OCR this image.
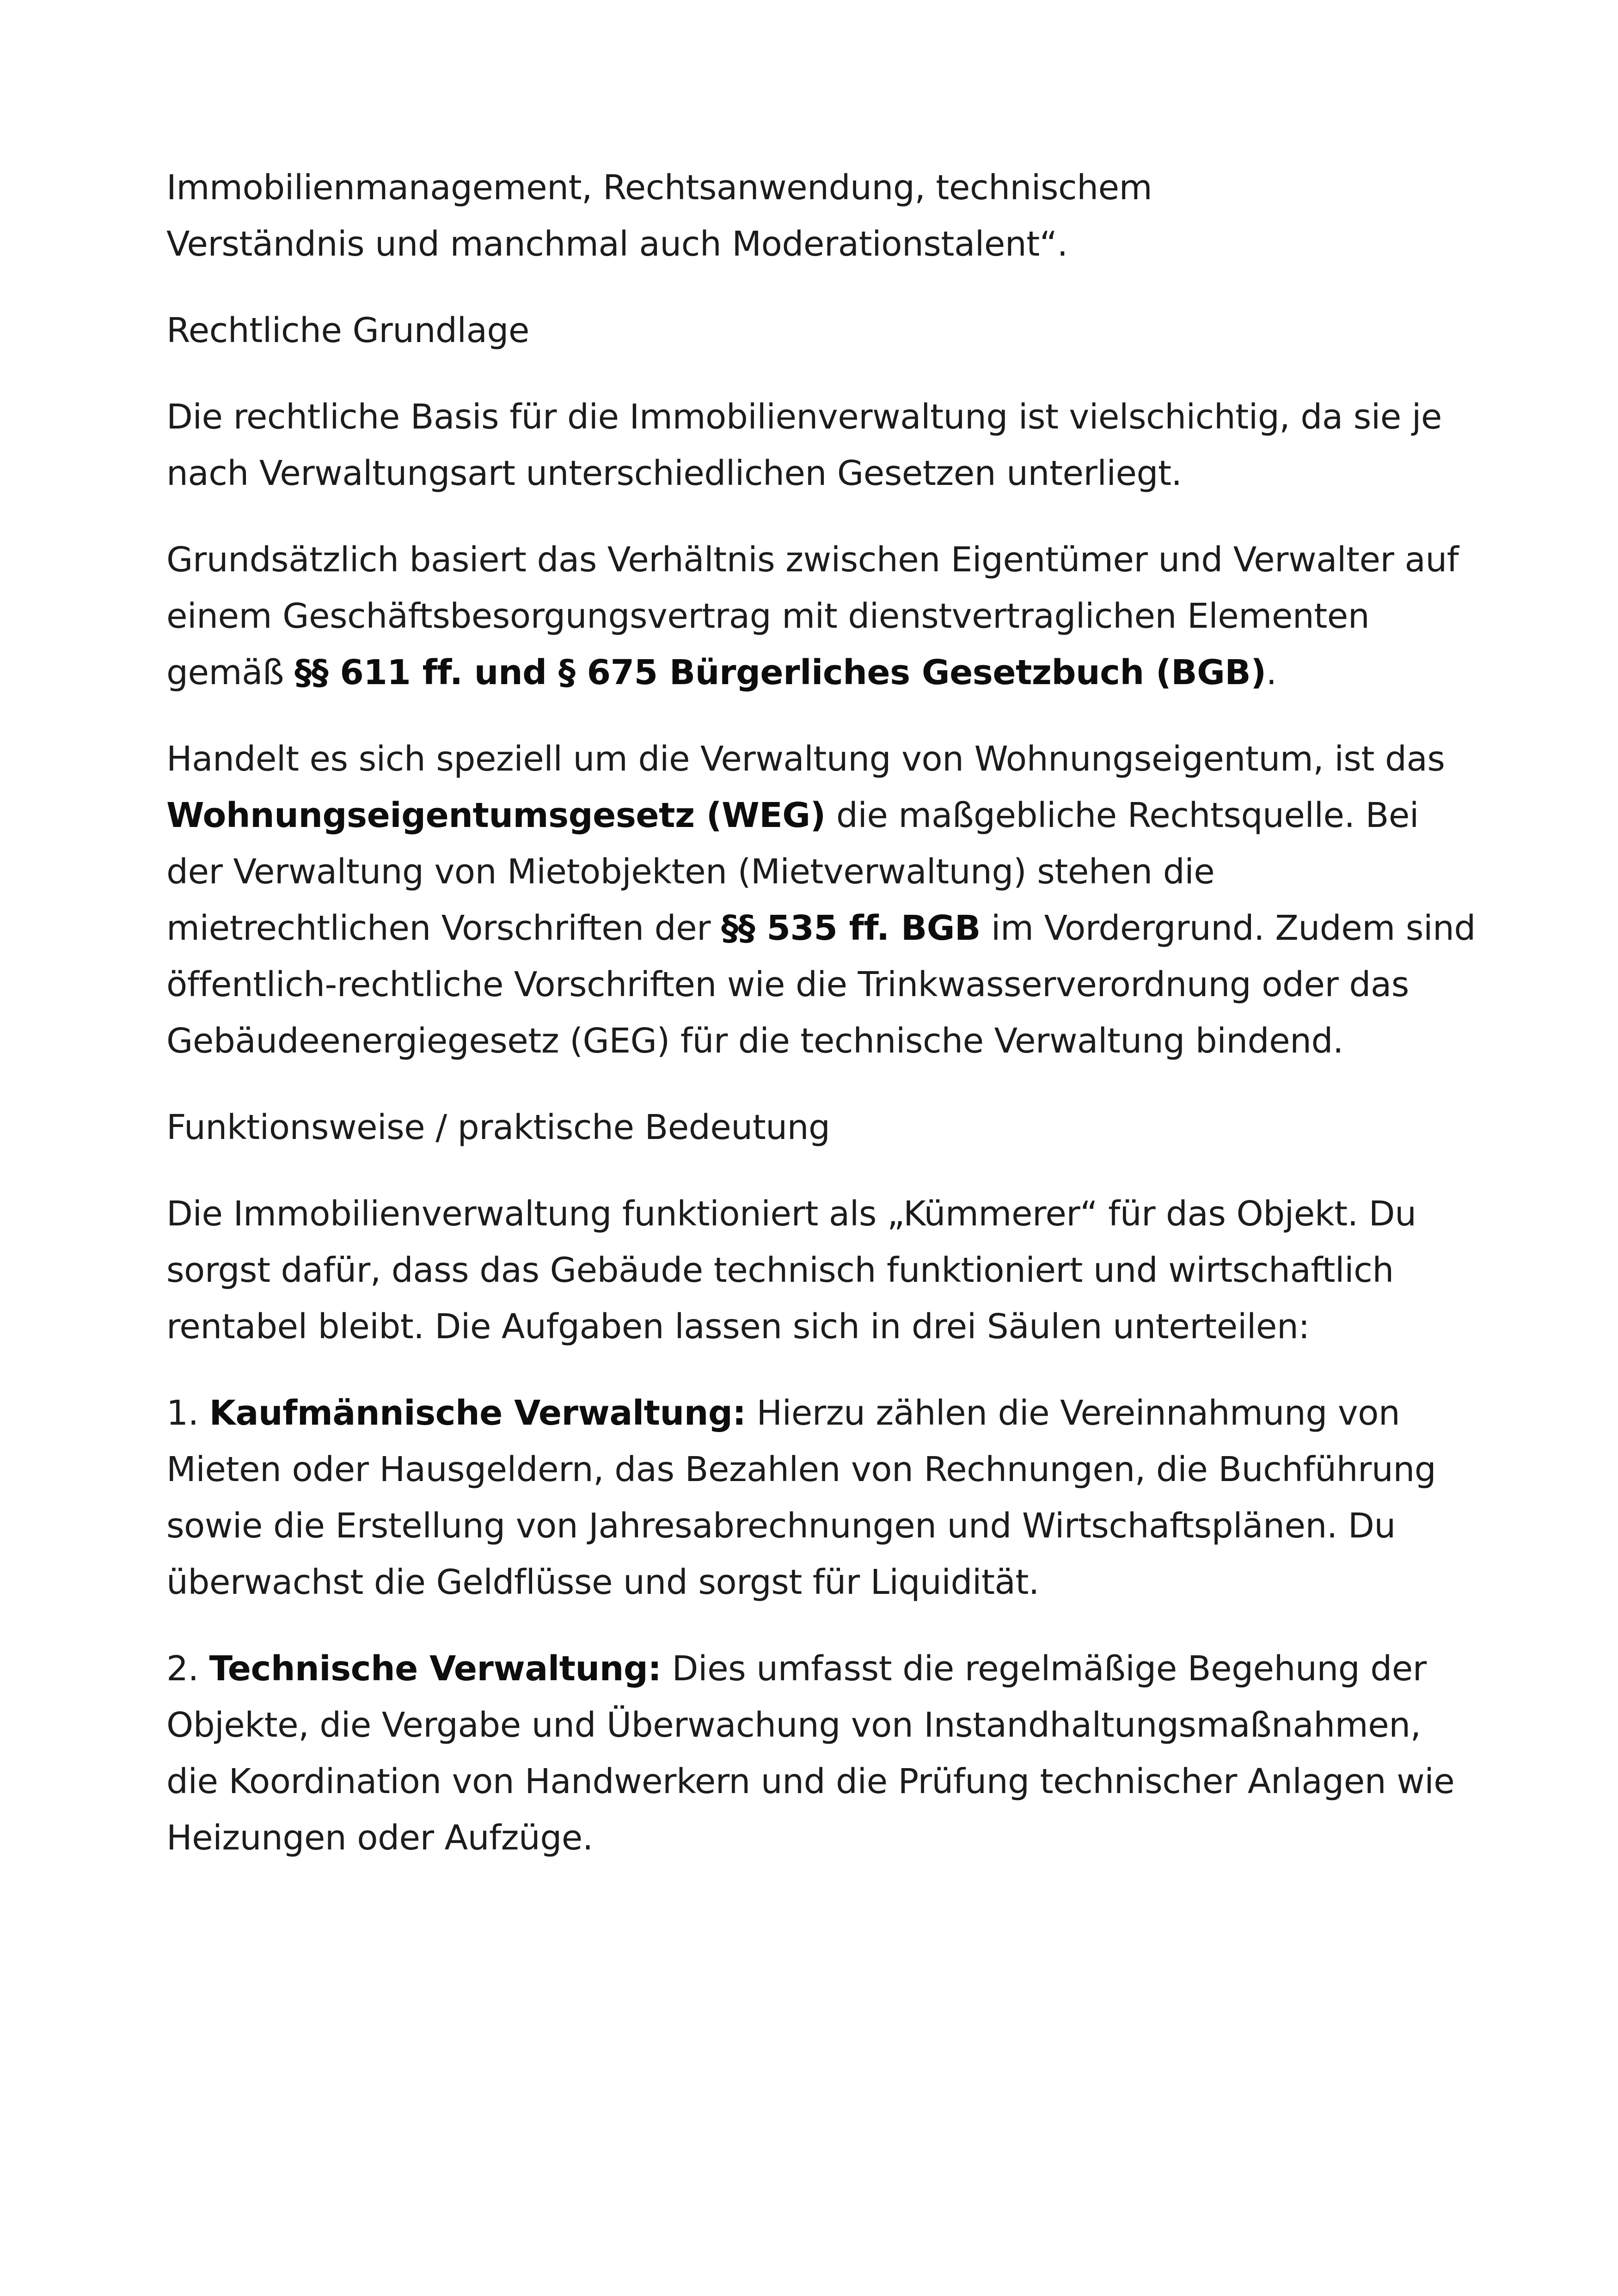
Immobilienmanagement, Rechtsanwendung, technischem
Verständnis und manchmal auch Moderationstalent“.

Rechtliche Grundlage

Die rechtliche Basis für die Immobilienverwaltung ist vielschichtig, da sie je nach Verwaltungsart unterschiedlichen Gesetzen unterliegt.

Grundsätzlich basiert das Verhältnis zwischen Eigentümer und Verwalter auf einem Geschäftsbesorgungsvertrag mit dienstvertraglichen Elementen gemäß §§ 611 ff. und § 675 Bürgerliches Gesetzbuch (BGB).

Handelt es sich speziell um die Verwaltung von Wohnungseigentum, ist das Wohnungseigentumsgesetz (WEG) die maßgebliche Rechtsquelle. Bei der Verwaltung von Mietobjekten (Mietverwaltung) stehen die mietrechtlichen Vorschriften der §§ 535 ff. BGB im Vordergrund. Zudem sind öffentlich-rechtliche Vorschriften wie die Trinkwasserverordnung oder das Gebäudeenergiegesetz (GEG) für die technische Verwaltung bindend.

Funktionsweise / praktische Bedeutung

Die Immobilienverwaltung funktioniert als „Kümmerer“ für das Objekt. Du sorgst dafür, dass das Gebäude technisch funktioniert und wirtschaftlich rentabel bleibt. Die Aufgaben lassen sich in drei Säulen unterteilen:

1. Kaufmännische Verwaltung: Hierzu zählen die Vereinnahmung von Mieten oder Hausgeldern, das Bezahlen von Rechnungen, die Buchführung sowie die Erstellung von Jahresabrechnungen und Wirtschaftsplänen. Du überwachst die Geldflüsse und sorgst für Liquidität.

2. Technische Verwaltung: Dies umfasst die regelmäßige Begehung der Objekte, die Vergabe und Überwachung von Instandhaltungsmaßnahmen, die Koordination von Handwerkern und die Prüfung technischer Anlagen wie Heizungen oder Aufzüge.
